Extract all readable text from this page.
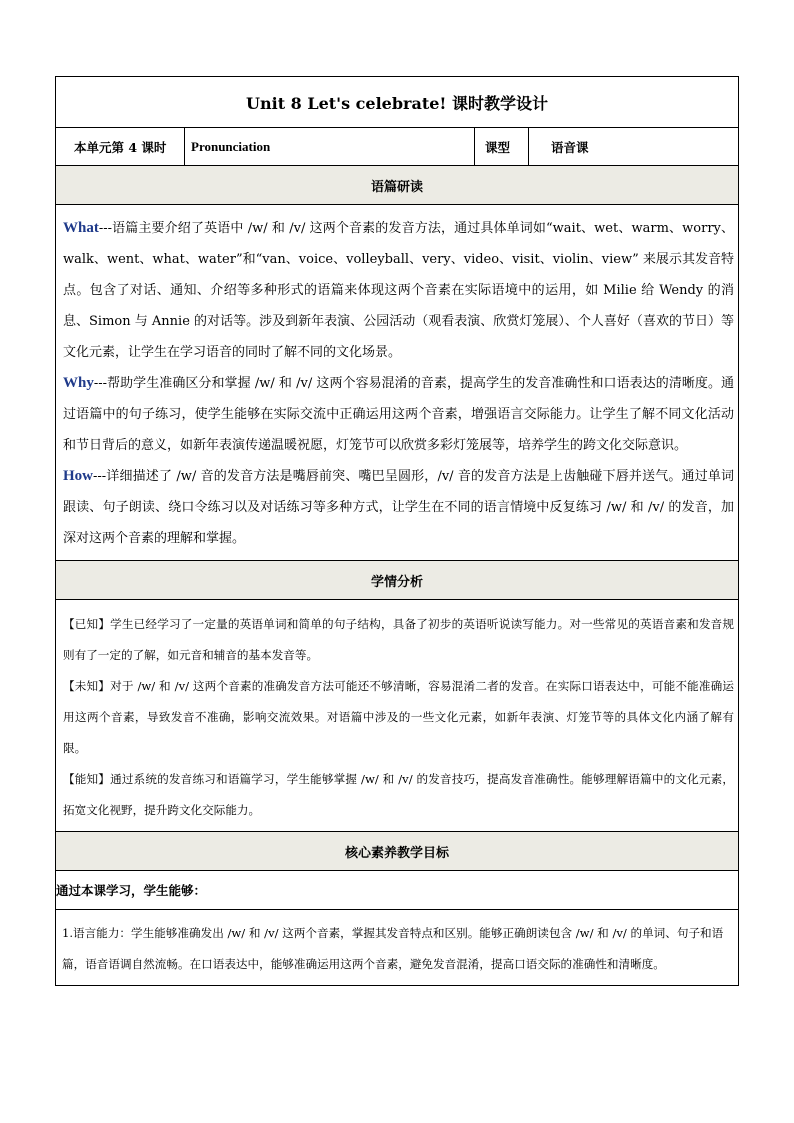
Unit 8 Let's celebrate! 课时教学设计
本单元第 4 课时	Pronunciation	课型	语音课
语篇研读

What---语篇主要介绍了英语中 /w/ 和 /v/ 这两个音素的发音方法，通过具体单词如“wait、wet、warm、worry、walk、went、what、water”和“van、voice、volleyball、very、video、visit、violin、view” 来展示其发音特点。包含了对话、通知、介绍等多种形式的语篇来体现这两个音素在实际语境中的运用，如 Milie 给 Wendy 的消息、Simon 与 Annie 的对话等。涉及到新年表演、公园活动（观看表演、欣赏灯笼展）、个人喜好（喜欢的节日）等文化元素，让学生在学习语音的同时了解不同的文化场景。

Why---帮助学生准确区分和掌握 /w/ 和 /v/ 这两个容易混淆的音素，提高学生的发音准确性和口语表达的清晰度。通过语篇中的句子练习，使学生能够在实际交流中正确运用这两个音素，增强语言交际能力。让学生了解不同文化活动和节日背后的意义，如新年表演传递温暖祝愿，灯笼节可以欣赏多彩灯笼展等，培养学生的跨文化交际意识。

How---详细描述了 /w/ 音的发音方法是嘴唇前突、嘴巴呈圆形，/v/ 音的发音方法是上齿触碰下唇并送气。通过单词跟读、句子朗读、绕口令练习以及对话练习等多种方式，让学生在不同的语言情境中反复练习 /w/ 和 /v/ 的发音，加深对这两个音素的理解和掌握。

学情分析

【已知】学生已经学习了一定量的英语单词和简单的句子结构，具备了初步的英语听说读写能力。对一些常见的英语音素和发音规则有了一定的了解，如元音和辅音的基本发音等。

【未知】对于 /w/ 和 /v/ 这两个音素的准确发音方法可能还不够清晰，容易混淆二者的发音。在实际口语表达中，可能不能准确运用这两个音素，导致发音不准确，影响交流效果。对语篇中涉及的一些文化元素，如新年表演、灯笼节等的具体文化内涵了解有限。

【能知】通过系统的发音练习和语篇学习，学生能够掌握 /w/ 和 /v/ 的发音技巧，提高发音准确性。能够理解语篇中的文化元素，拓宽文化视野，提升跨文化交际能力。

核心素养教学目标
通过本课学习，学生能够：

1.语言能力：学生能够准确发出 /w/ 和 /v/ 这两个音素，掌握其发音特点和区别。能够正确朗读包含 /w/ 和 /v/ 的单词、句子和语篇，语音语调自然流畅。在口语表达中，能够准确运用这两个音素，避免发音混淆，提高口语交际的准确性和清晰度。
